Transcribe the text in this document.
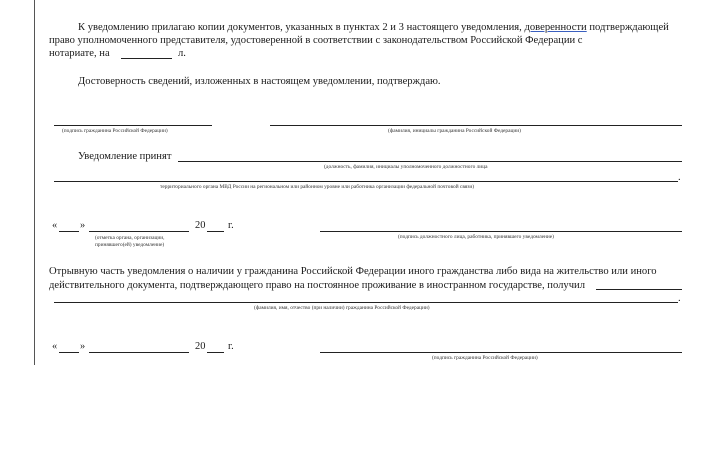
К уведомлению прилагаю копии документов, указанных в пунктах 2 и 3 настоящего уведомления, доверенности подтверждающей
право уполномоченного представителя, удостоверенной в соответствии с законодательством Российской Федерации с
нотариате, на	л.
Достоверность сведений, изложенных в настоящем уведомлении, подтверждаю.
(подпись гражданина Российской Федерации)	(фамилия, инициалы гражданина Российской Федерации)
Уведомление принят
(должность, фамилия, инициалы уполномоченного должностного лица
.
территориального органа МВД России на региональном или районном уровне или работника организации федеральной почтовой связи)
« »	20 г.
(отметка органа, организации,
принявшего(ей) уведомление)
(подпись должностного лица, работника, принявшего уведомление)
Отрывную часть уведомления о наличии у гражданина Российской Федерации иного гражданства либо вида на жительство или иного
действительного документа, подтверждающего право на постоянное проживание в иностранном государстве, получил
.
(фамилия, имя, отчество (при наличии) гражданина Российской Федерации)
« »	20 г.
(подпись гражданина Российской Федерации)
